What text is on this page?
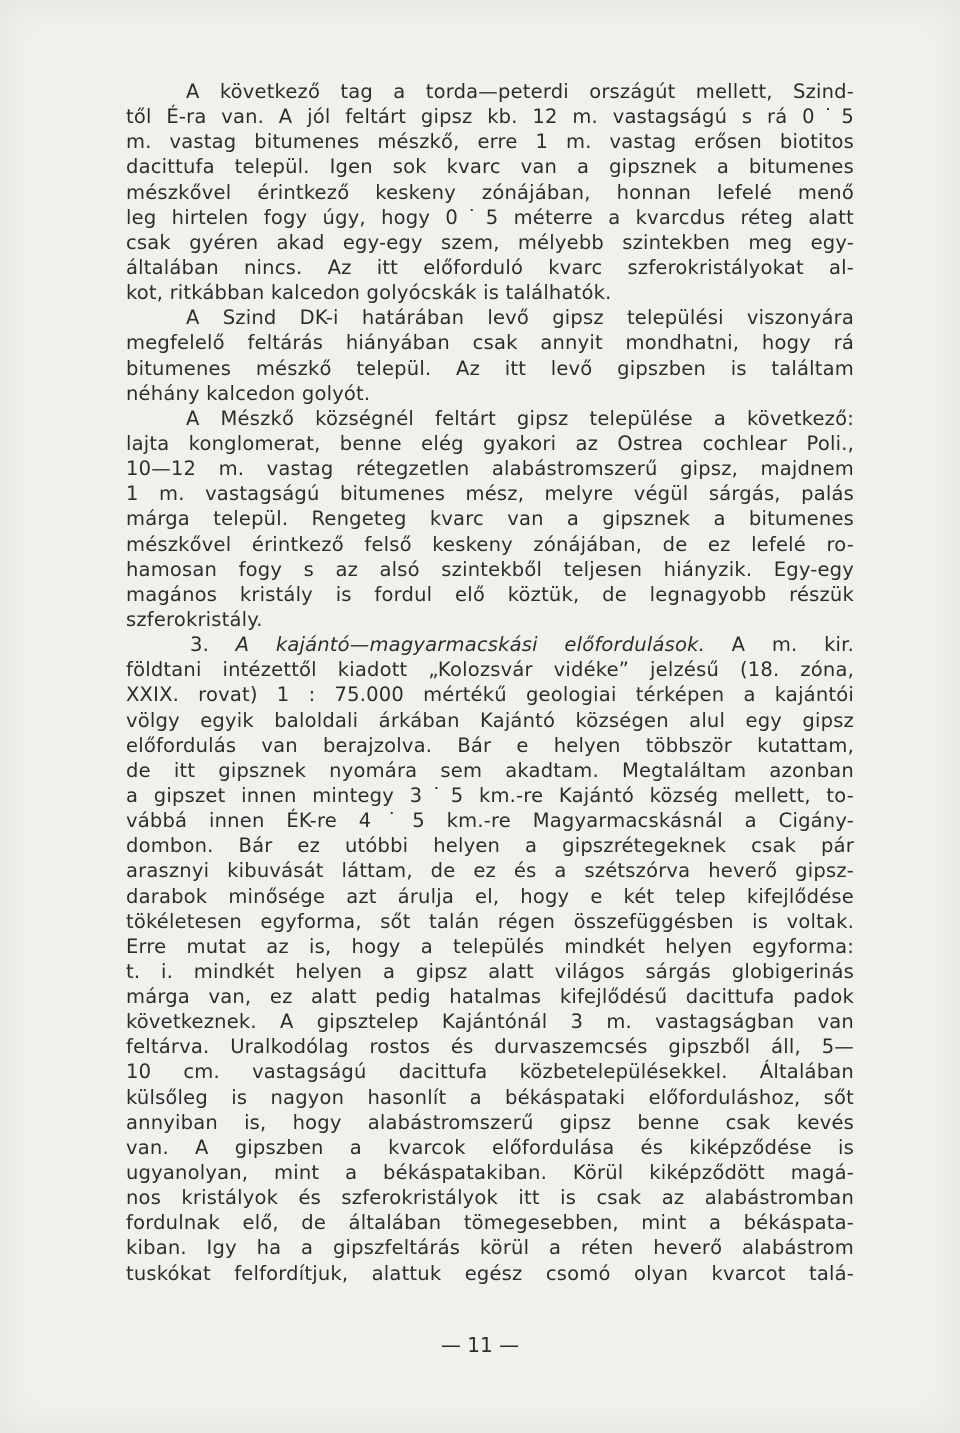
A következő tag a torda—peterdi országút mellett, Szind-
től É-ra van. A jól feltárt gipsz kb. 12 m. vastagságú s rá 0˙5
m. vastag bitumenes mészkő, erre 1 m. vastag erősen biotitos
dacittufa települ. Igen sok kvarc van a gipsznek a bitumenes
mészkővel érintkező keskeny zónájában, honnan lefelé menő
leg hirtelen fogy úgy, hogy 0˙5 méterre a kvarcdus réteg alatt
csak gyéren akad egy-egy szem, mélyebb szintekben meg egy-
általában nincs. Az itt előforduló kvarc szferokristályokat al-
kot, ritkábban kalcedon golyócskák is találhatók.
A Szind DK-i határában levő gipsz települési viszonyára
megfelelő feltárás hiányában csak annyit mondhatni, hogy rá
bitumenes mészkő települ. Az itt levő gipszben is találtam
néhány kalcedon golyót.
A Mészkő községnél feltárt gipsz települése a következő:
lajta konglomerat, benne elég gyakori az Ostrea cochlear Poli.,
10—12 m. vastag rétegzetlen alabástromszerű gipsz, majdnem
1 m. vastagságú bitumenes mész, melyre végül sárgás, palás
márga települ. Rengeteg kvarc van a gipsznek a bitumenes
mészkővel érintkező felső keskeny zónájában, de ez lefelé ro-
hamosan fogy s az alsó szintekből teljesen hiányzik. Egy-egy
magános kristály is fordul elő köztük, de legnagyobb részük
szferokristály.
3. A kajántó—magyarmacskási előfordulások. A m. kir.
földtani intézettől kiadott „Kolozsvár vidéke” jelzésű (18. zóna,
XXIX. rovat) 1 : 75.000 mértékű geologiai térképen a kajántói
völgy egyik baloldali árkában Kajántó községen alul egy gipsz
előfordulás van berajzolva. Bár e helyen többször kutattam,
de itt gipsznek nyomára sem akadtam. Megtaláltam azonban
a gipszet innen mintegy 3˙5 km.-re Kajántó község mellett, to-
vábbá innen ÉK-re 4˙5 km.-re Magyarmacskásnál a Cigány-
dombon. Bár ez utóbbi helyen a gipszrétegeknek csak pár
arasznyi kibuvását láttam, de ez és a szétszórva heverő gipsz-
darabok minősége azt árulja el, hogy e két telep kifejlődése
tökéletesen egyforma, sőt talán régen összefüggésben is voltak.
Erre mutat az is, hogy a település mindkét helyen egyforma:
t. i. mindkét helyen a gipsz alatt világos sárgás globigerinás
márga van, ez alatt pedig hatalmas kifejlődésű dacittufa padok
következnek. A gipsztelep Kajántónál 3 m. vastagságban van
feltárva. Uralkodólag rostos és durvaszemcsés gipszből áll, 5—
10 cm. vastagságú dacittufa közbetelepülésekkel. Általában
külsőleg is nagyon hasonlít a békáspataki előforduláshoz, sőt
annyiban is, hogy alabástromszerű gipsz benne csak kevés
van. A gipszben a kvarcok előfordulása és kiképződése is
ugyanolyan, mint a békáspatakiban. Körül kiképződött magá-
nos kristályok és szferokristályok itt is csak az alabástromban
fordulnak elő, de általában tömegesebben, mint a békáspata-
kiban. Igy ha a gipszfeltárás körül a réten heverő alabástrom
tuskókat felfordítjuk, alattuk egész csomó olyan kvarcot talá-
— 11 —
